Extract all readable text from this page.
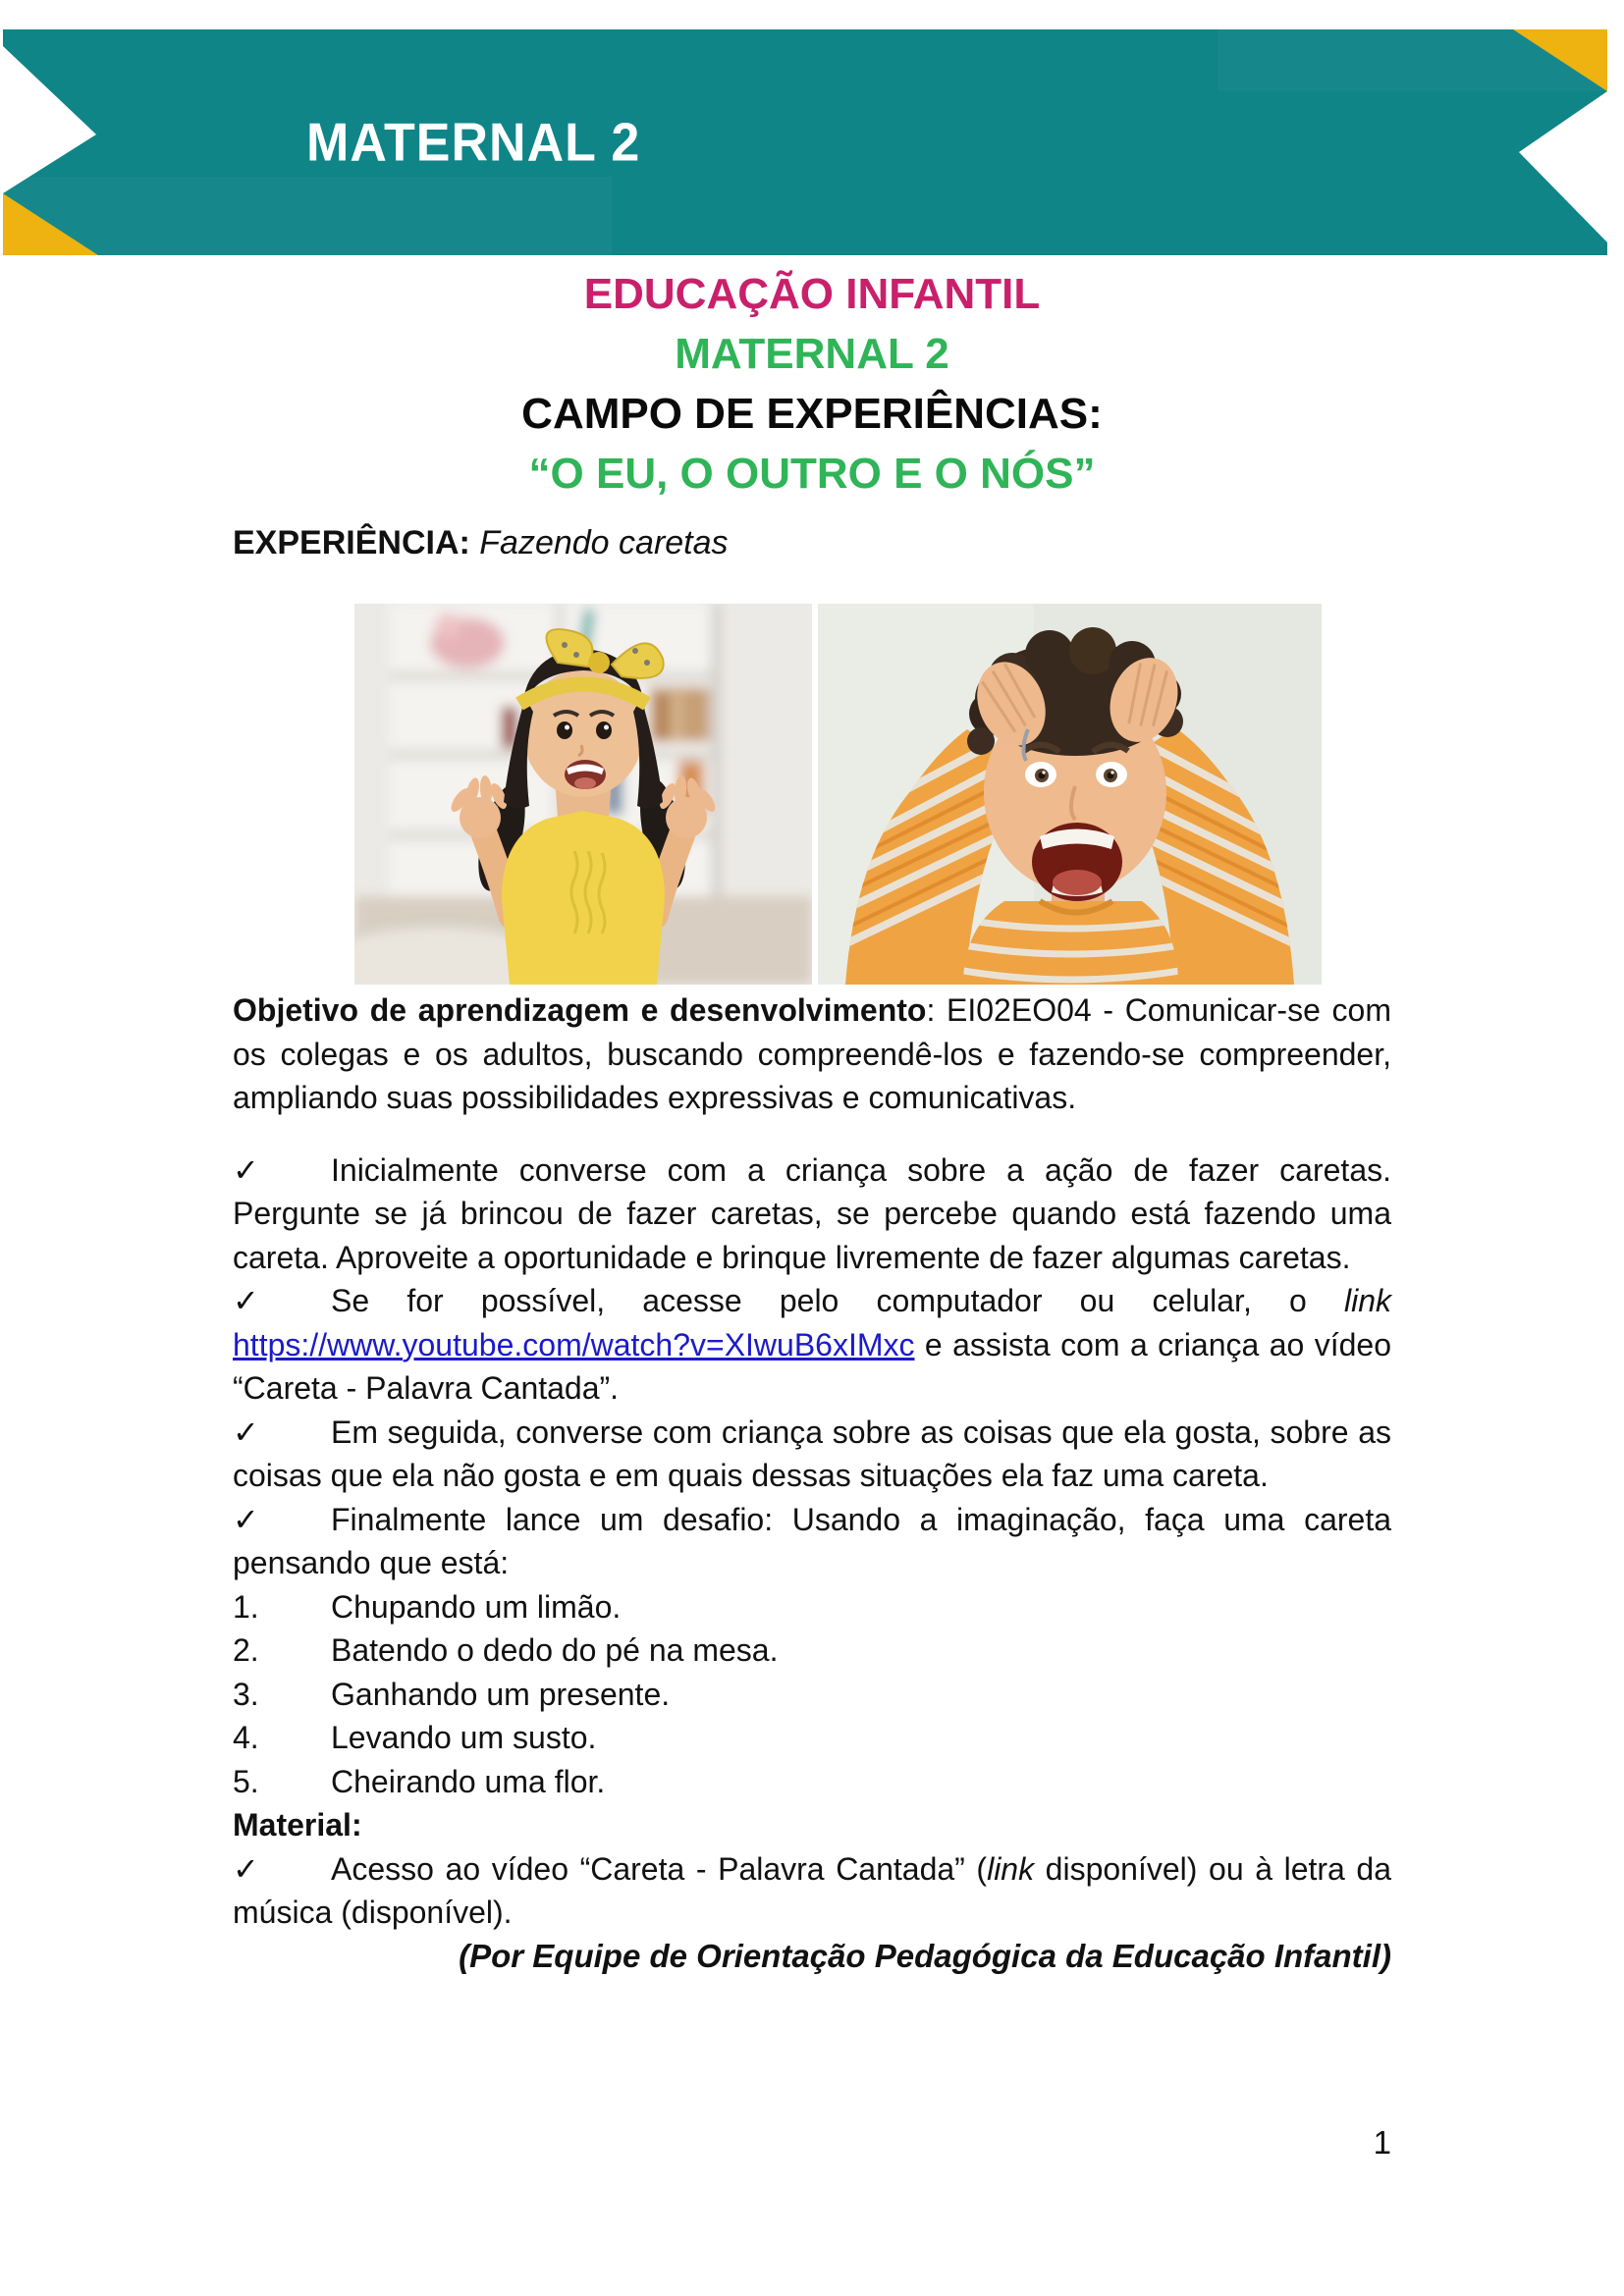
MATERNAL 2
EDUCAÇÃO INFANTIL
MATERNAL 2
CAMPO DE EXPERIÊNCIAS:
“O EU, O OUTRO E O NÓS”
EXPERIÊNCIA: Fazendo caretas

Objetivo de aprendizagem e desenvolvimento: EI02EO04 - Comunicar-se com os colegas e os adultos, buscando compreendê-los e fazendo-se compreender, ampliando suas possibilidades expressivas e comunicativas.

✓ Inicialmente converse com a criança sobre a ação de fazer caretas. Pergunte se já brincou de fazer caretas, se percebe quando está fazendo uma careta. Aproveite a oportunidade e brinque livremente de fazer algumas caretas.

✓ Se for possível, acesse pelo computador ou celular, o link https://www.youtube.com/watch?v=XIwuB6xIMxc e assista com a criança ao vídeo “Careta - Palavra Cantada”.

✓ Em seguida, converse com criança sobre as coisas que ela gosta, sobre as coisas que ela não gosta e em quais dessas situações ela faz uma careta.

✓ Finalmente lance um desafio: Usando a imaginação, faça uma careta pensando que está:

1. Chupando um limão.

2. Batendo o dedo do pé na mesa.

3. Ganhando um presente.

4. Levando um susto.

5. Cheirando uma flor.

Material:

✓ Acesso ao vídeo “Careta - Palavra Cantada” (link disponível) ou à letra da música (disponível).

(Por Equipe de Orientação Pedagógica da Educação Infantil)

1
